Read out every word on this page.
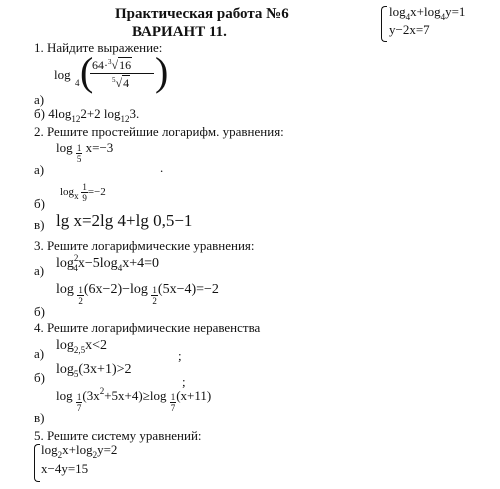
Практическая работа №6
ВАРИАНТ 11.
$\log_4x+\log_4y=1$
y−2x=7
1. Найдите выражение:
log
4 (
64·$^3$√16
$^5$√4 )
а)
б) $4\log_{12}2+2$ $\log_{12}3$.
2. Решите простейшие логарифм. уравнения:
$\log \frac{1}{5} x=-3$
а)	.
$\log_x \frac{1}{9} =-2$
б)
в) lg x=2lg 4+lg 0,5−1
3. Решите логарифмические уравнения:
а) $\log^2_4x-5\log_4x+4=0$
$\log \frac{1}{2} (6x-2)-\log \frac{1}{2} (5x-4)=-2$
б)
4. Решите логарифмические неравенства
а)
$\log_{2,5}x<2$
;
б)
$\log_5(3x+1)>2$
;
$\log \frac{1}{7} (3x^2+5x+4)\ge\log \frac{1}{7} (x+11)$
в)
5. Решите систему уравнений:
$\log_2x+\log_2y=2$
x−4y=15
